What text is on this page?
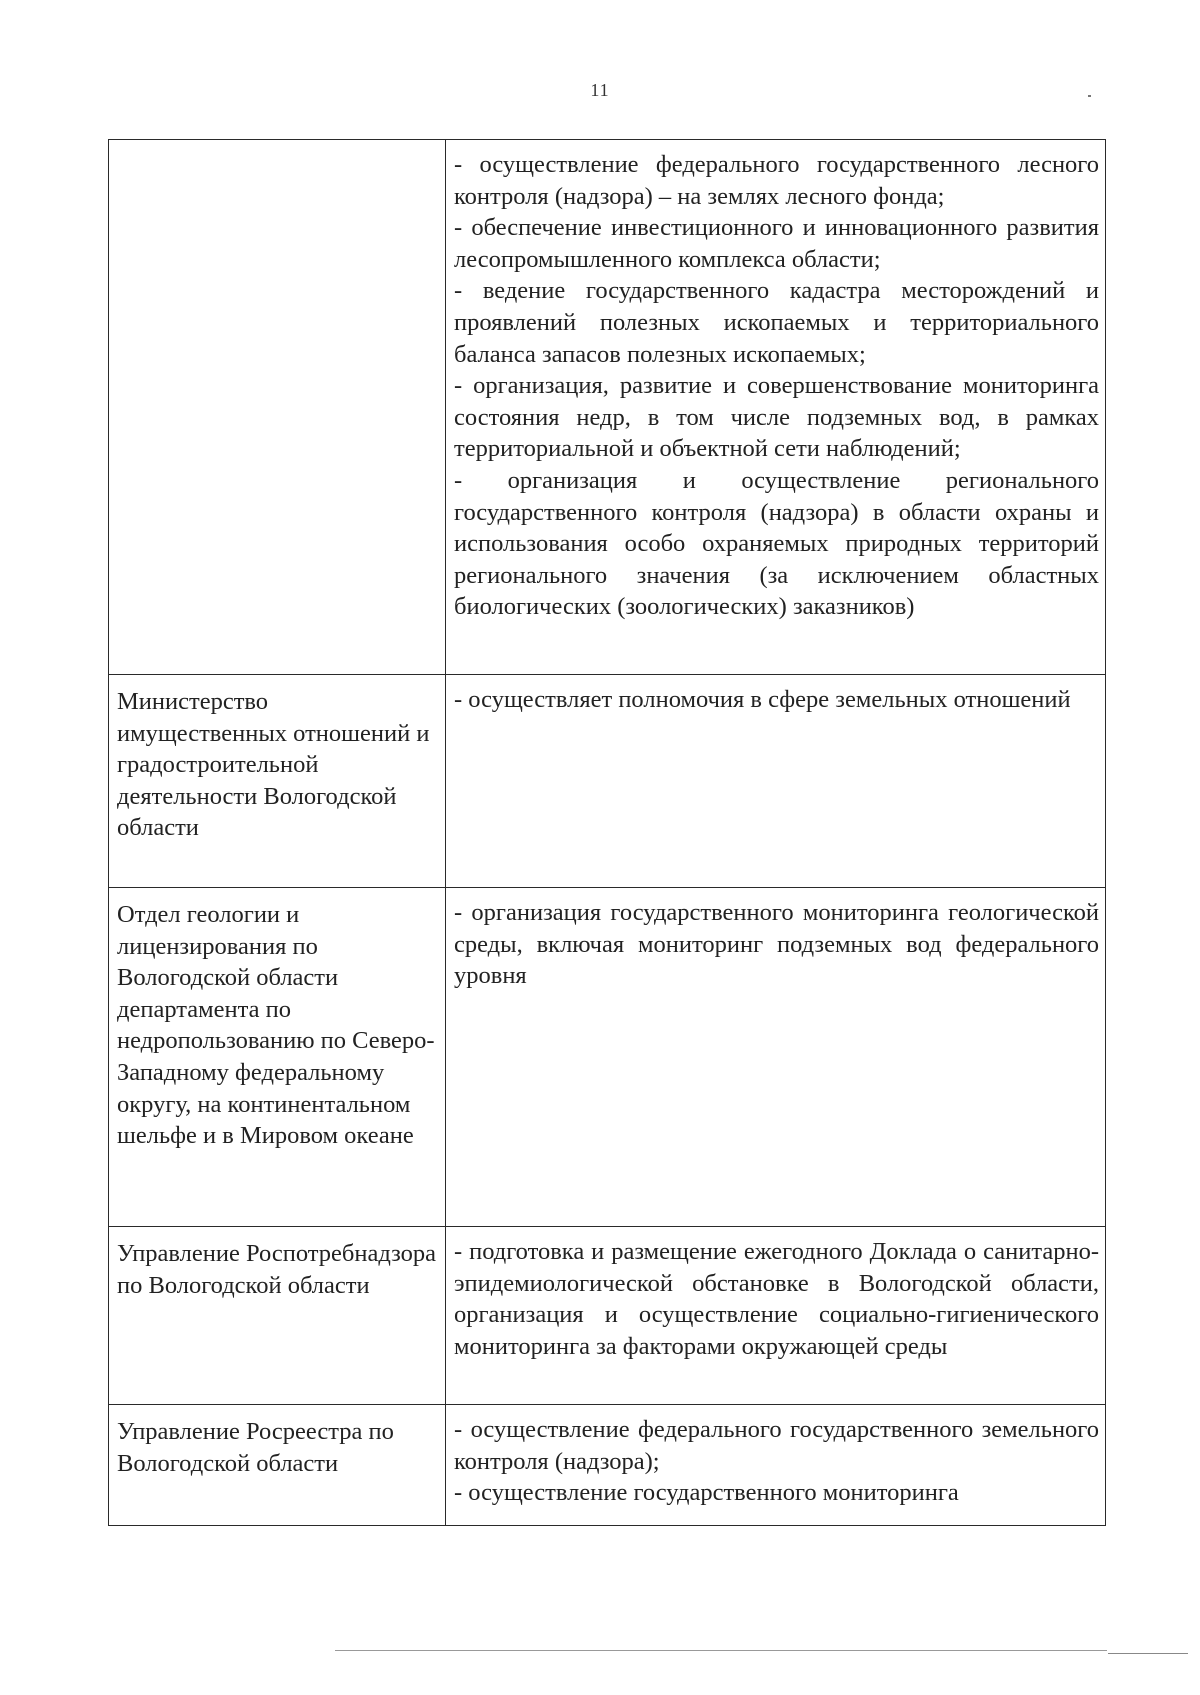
11

	- осуществление федерального государственного лесного контроля (надзора) – на землях лесного фонда;
- обеспечение инвестиционного и инновационного развития лесопромышленного комплекса области;
- ведение государственного кадастра месторождений и проявлений полезных ископаемых и территориального баланса запасов полезных ископаемых;
- организация, развитие и совершенствование мониторинга состояния недр, в том числе подземных вод, в рамках территориальной и объектной сети наблюдений;
- организация и осуществление регионального государственного контроля (надзора) в области охраны и использования особо охраняемых природных территорий регионального значения (за исключением областных биологических (зоологических) заказников)

Министерство имущественных отношений и градостроительной деятельности Вологодской области	- осуществляет полномочия в сфере земельных отношений

Отдел геологии и лицензирования по Вологодской области департамента по недропользованию по Северо-Западному федеральному округу, на континентальном шельфе и в Мировом океане	- организация государственного мониторинга геологической среды, включая мониторинг подземных вод федерального уровня

Управление Роспотребнадзора по Вологодской области	- подготовка и размещение ежегодного Доклада о санитарно-эпидемиологической обстановке в Вологодской области, организация и осуществление социально-гигиенического мониторинга за факторами окружающей среды

Управление Росреестра по Вологодской области	- осуществление федерального государственного земельного контроля (надзора);
- осуществление государственного мониторинга
